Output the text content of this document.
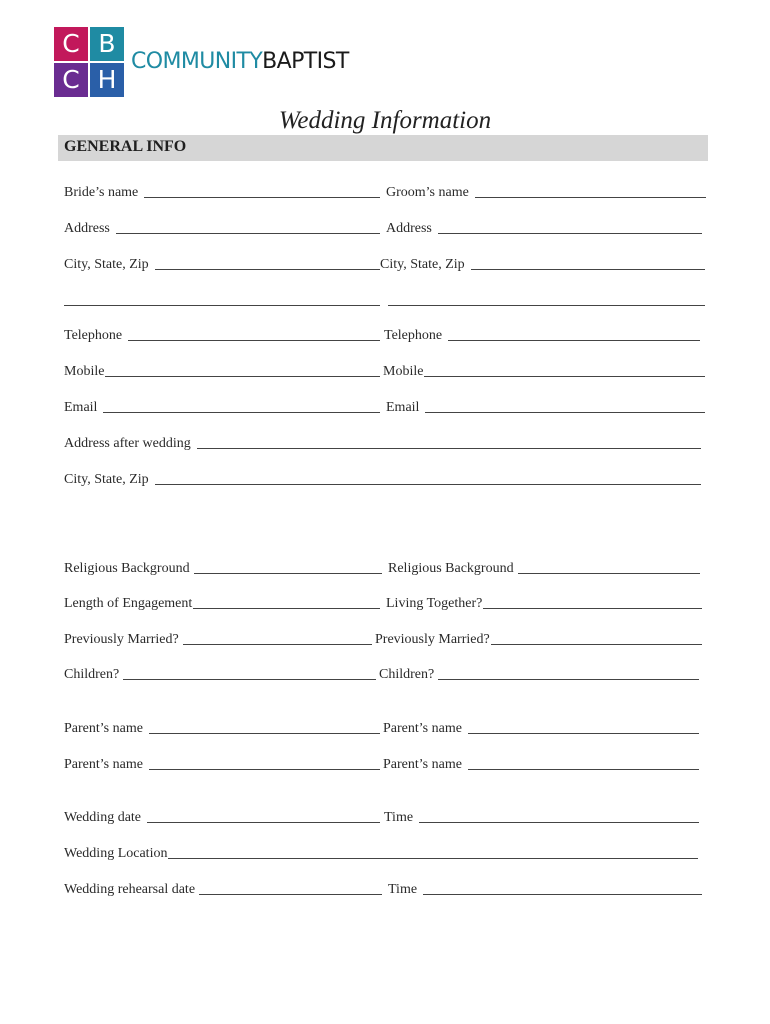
C B
C H
COMMUNITYBAPTIST
Wedding Information
GENERAL INFO
Bride’s name	Groom’s name
Address	Address
City, State, Zip	City, State, Zip
Telephone	Telephone
Mobile	Mobile
Email	Email
Address after wedding
City, State, Zip
Religious Background	Religious Background
Length of Engagement	Living Together?
Previously Married?	Previously Married?
Children?	Children?
Parent’s name	Parent’s name
Parent’s name	Parent’s name
Wedding date	Time
Wedding Location
Wedding rehearsal date	Time
